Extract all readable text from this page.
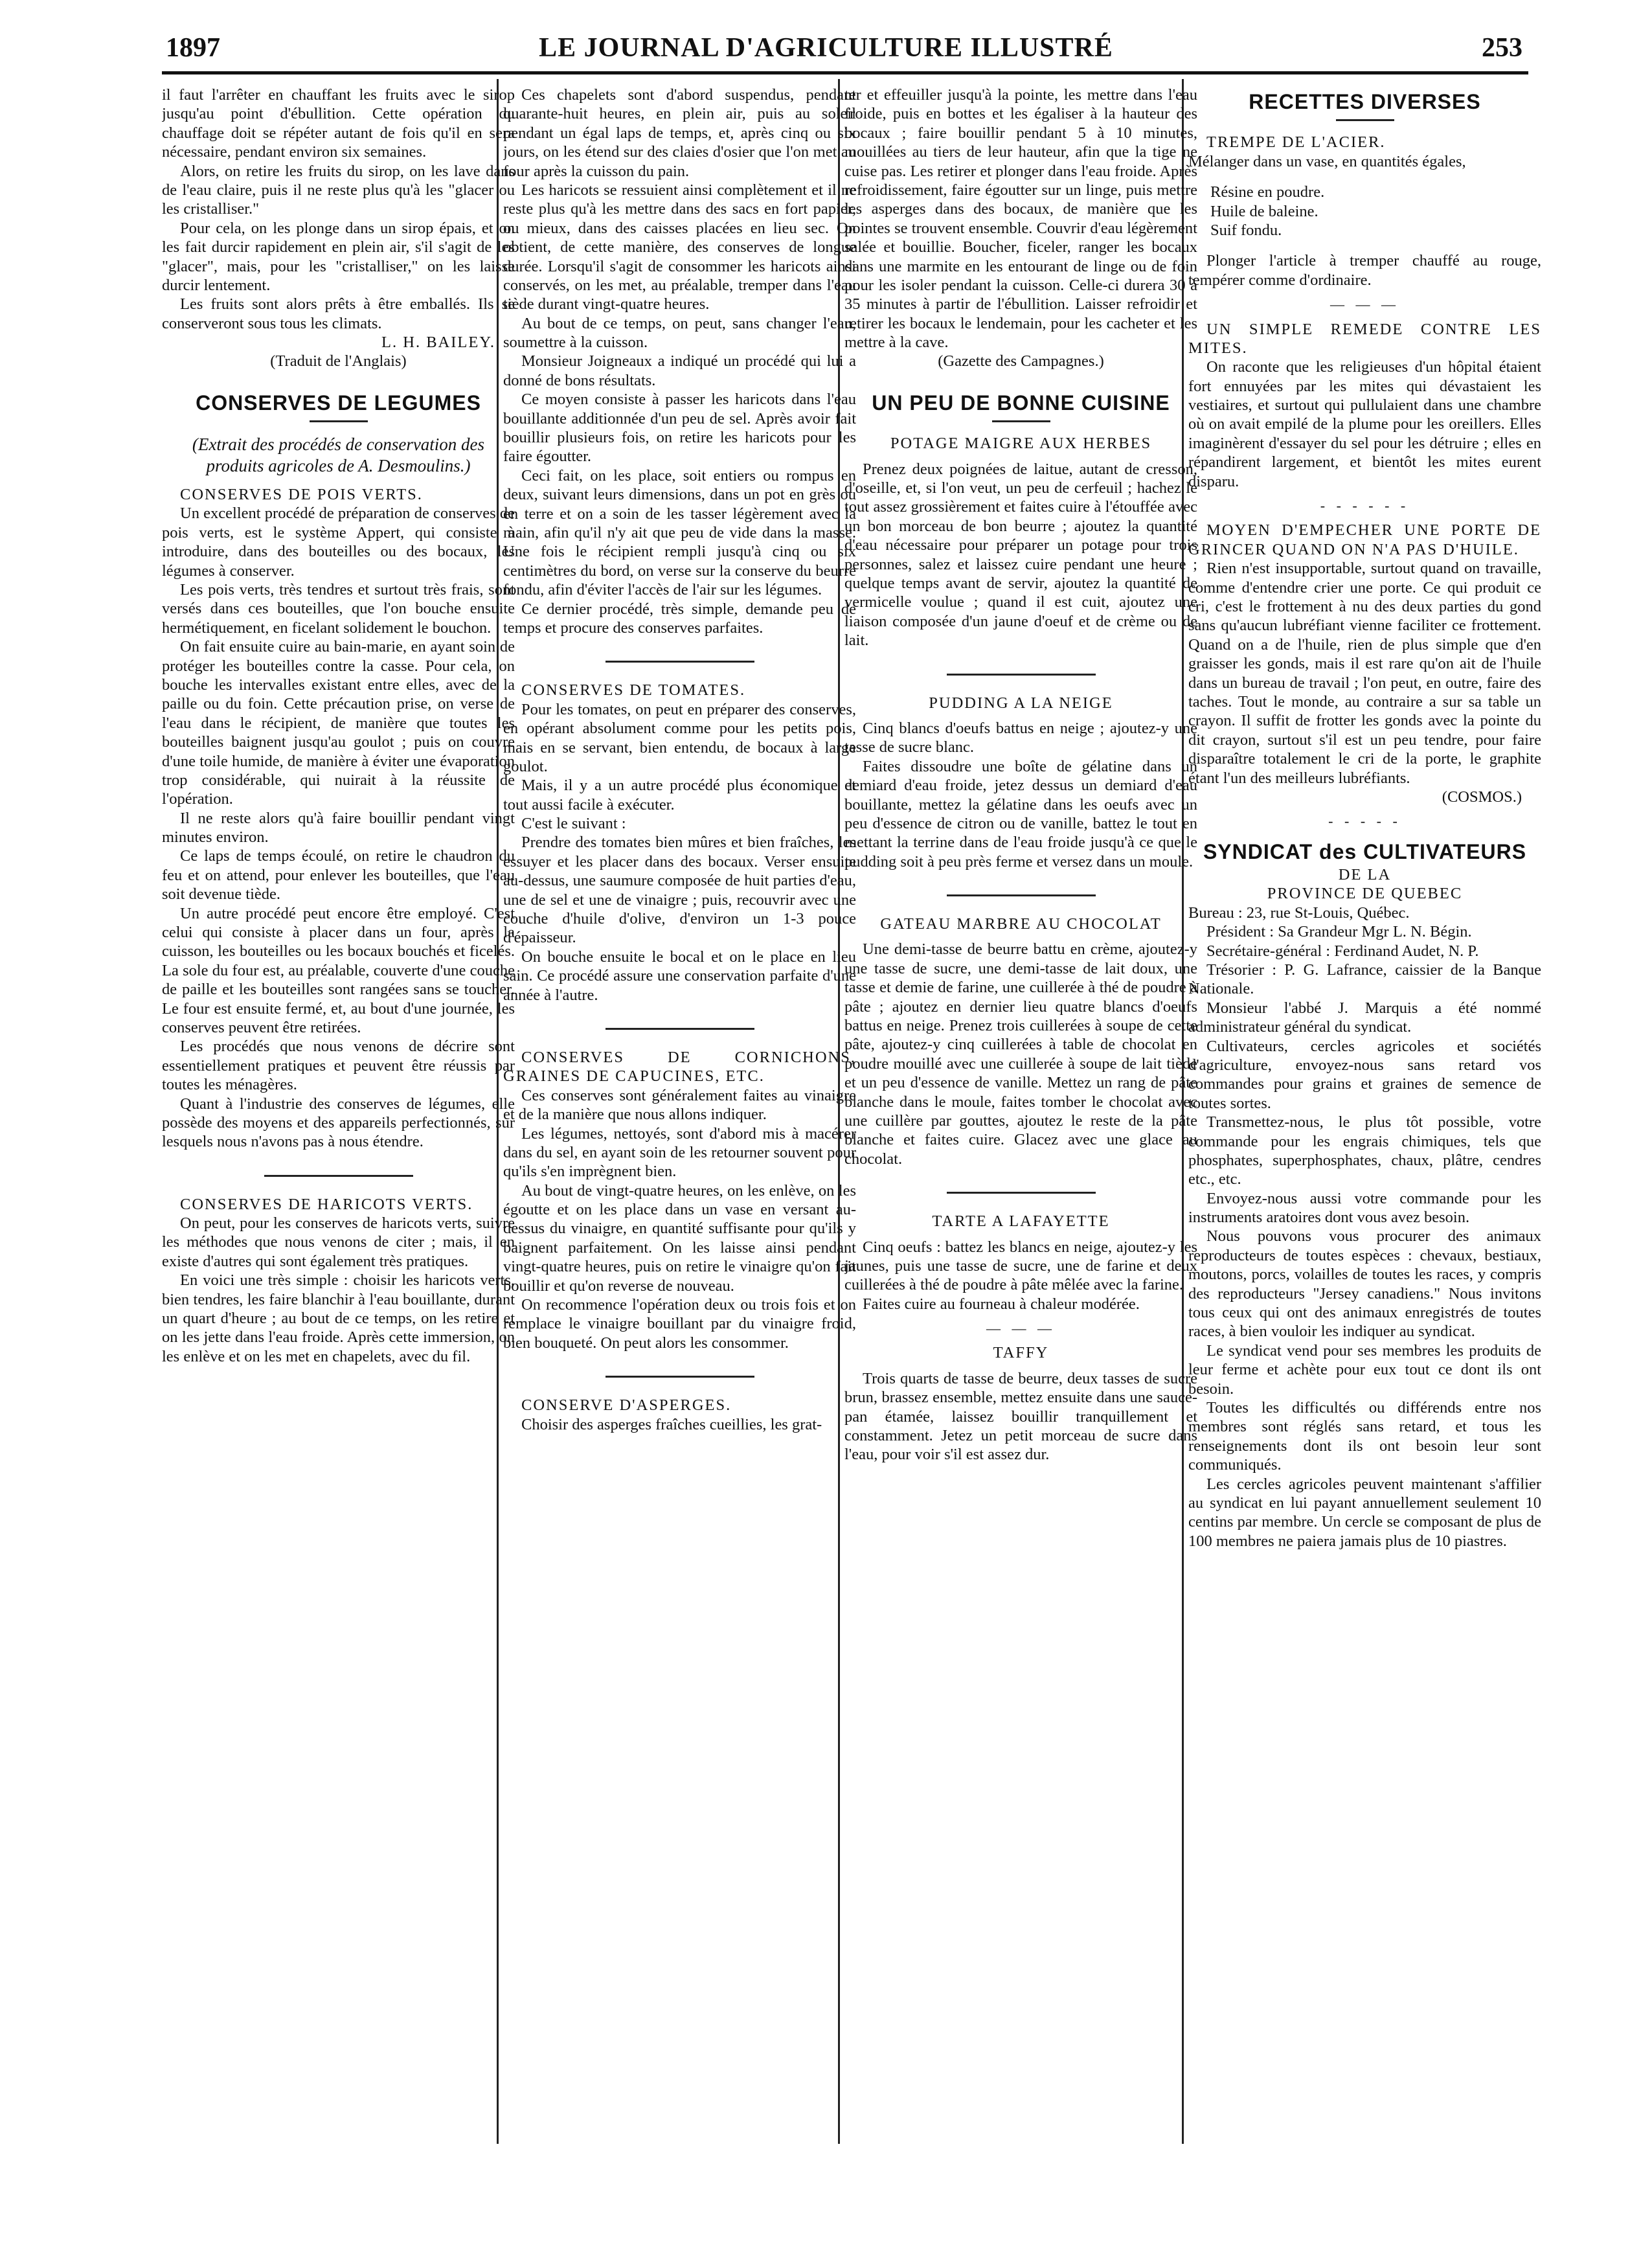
LE JOURNAL D'AGRICULTURE ILLUSTRÉ
1897	253

il faut l'arrêter en chauffant les fruits avec le sirop jusqu'au point d'ébullition. Cette opération du chauffage doit se répéter autant de fois qu'il en sera nécessaire, pendant environ six semaines.

Alors, on retire les fruits du sirop, on les lave dans de l'eau claire, puis il ne reste plus qu'à les "glacer ou les cristalliser."

Pour cela, on les plonge dans un sirop épais, et on les fait durcir rapidement en plein air, s'il s'agit de les "glacer", mais, pour les "cristalliser," on les laisse durcir lentement.

Les fruits sont alors prêts à être emballés. Ils se conserveront sous tous les climats.

L. H. BAILEY.

(Traduit de l'Anglais)

CONSERVES DE LEGUMES

(Extrait des procédés de conservation des produits agricoles de A. Desmoulins.)

CONSERVES DE POIS VERTS.

Un excellent procédé de préparation de conserves de pois verts, est le système Appert, qui consiste à introduire, dans des bouteilles ou des bocaux, les légumes à conserver.

Les pois verts, très tendres et surtout très frais, sont versés dans ces bouteilles, que l'on bouche ensuite hermétiquement, en ficelant solidement le bouchon.

On fait ensuite cuire au bain-marie, en ayant soin de protéger les bouteilles contre la casse. Pour cela, on bouche les intervalles existant entre elles, avec de la paille ou du foin. Cette précaution prise, on verse de l'eau dans le récipient, de manière que toutes les bouteilles baignent jusqu'au goulot ; puis on couvre d'une toile humide, de manière à éviter une évaporation trop considérable, qui nuirait à la réussite de l'opération.

Il ne reste alors qu'à faire bouillir pendant vingt minutes environ.

Ce laps de temps écoulé, on retire le chaudron du feu et on attend, pour enlever les bouteilles, que l'eau soit devenue tiède.

Un autre procédé peut encore être employé. C'est celui qui consiste à placer dans un four, après la cuisson, les bouteilles ou les bocaux bouchés et ficelés. La sole du four est, au préalable, couverte d'une couche de paille et les bouteilles sont rangées sans se toucher. Le four est ensuite fermé, et, au bout d'une journée, les conserves peuvent être retirées.

Les procédés que nous venons de décrire sont essentiellement pratiques et peuvent être réussis par toutes les ménagères.

Quant à l'industrie des conserves de légumes, elle possède des moyens et des appareils perfectionnés, sur lesquels nous n'avons pas à nous étendre.

CONSERVES DE HARICOTS VERTS.

On peut, pour les conserves de haricots verts, suivre les méthodes que nous venons de citer ; mais, il en existe d'autres qui sont également très pratiques.

En voici une très simple : choisir les haricots verts, bien tendres, les faire blanchir à l'eau bouillante, durant un quart d'heure ; au bout de ce temps, on les retire et on les jette dans l'eau froide. Après cette immersion, on les enlève et on les met en chapelets, avec du fil.

Ces chapelets sont d'abord suspendus, pendant quarante-huit heures, en plein air, puis au soleil pendant un égal laps de temps, et, après cinq ou six jours, on les étend sur des claies d'osier que l'on met au four après la cuisson du pain.

Les haricots se ressuient ainsi complètement et il ne reste plus qu'à les mettre dans des sacs en fort papier, ou mieux, dans des caisses placées en lieu sec. On obtient, de cette manière, des conserves de longue durée. Lorsqu'il s'agit de consommer les haricots ainsi conservés, on les met, au préalable, tremper dans l'eau tiède durant vingt-quatre heures.

Au bout de ce temps, on peut, sans changer l'eau, soumettre à la cuisson.

Monsieur Joigneaux a indiqué un procédé qui lui a donné de bons résultats.

Ce moyen consiste à passer les haricots dans l'eau bouillante additionnée d'un peu de sel. Après avoir fait bouillir plusieurs fois, on retire les haricots pour les faire égoutter.

Ceci fait, on les place, soit entiers ou rompus en deux, suivant leurs dimensions, dans un pot en grès ou en terre et on a soin de les tasser légèrement avec la main, afin qu'il n'y ait que peu de vide dans la masse. Une fois le récipient rempli jusqu'à cinq ou six centimètres du bord, on verse sur la conserve du beurre fondu, afin d'éviter l'accès de l'air sur les légumes.

Ce dernier procédé, très simple, demande peu de temps et procure des conserves parfaites.

CONSERVES DE TOMATES.

Pour les tomates, on peut en préparer des conserves, en opérant absolument comme pour les petits pois, mais en se servant, bien entendu, de bocaux à large goulot.

Mais, il y a un autre procédé plus économique et tout aussi facile à exécuter.

C'est le suivant :

Prendre des tomates bien mûres et bien fraîches, les essuyer et les placer dans des bocaux. Verser ensuite au-dessus, une saumure composée de huit parties d'eau, une de sel et une de vinaigre ; puis, recouvrir avec une couche d'huile d'olive, d'environ un 1-3 pouce d'épaisseur.

On bouche ensuite le bocal et on le place en lieu sain. Ce procédé assure une conservation parfaite d'une année à l'autre.

CONSERVES DE CORNICHONS, GRAINES DE CAPUCINES, ETC.

Ces conserves sont généralement faites au vinaigre et de la manière que nous allons indiquer.

Les légumes, nettoyés, sont d'abord mis à macérer dans du sel, en ayant soin de les retourner souvent pour qu'ils s'en imprègnent bien.

Au bout de vingt-quatre heures, on les enlève, on les égoutte et on les place dans un vase en versant au-dessus du vinaigre, en quantité suffisante pour qu'ils y baignent parfaitement. On les laisse ainsi pendant vingt-quatre heures, puis on retire le vinaigre qu'on fait bouillir et qu'on reverse de nouveau.

On recommence l'opération deux ou trois fois et on remplace le vinaigre bouillant par du vinaigre froid, bien bouqueté. On peut alors les consommer.

CONSERVE D'ASPERGES.

Choisir des asperges fraîches cueillies, les grat-

ter et effeuiller jusqu'à la pointe, les mettre dans l'eau froide, puis en bottes et les égaliser à la hauteur des bocaux ; faire bouillir pendant 5 à 10 minutes, mouillées au tiers de leur hauteur, afin que la tige ne cuise pas. Les retirer et plonger dans l'eau froide. Après refroidissement, faire égoutter sur un linge, puis mettre les asperges dans des bocaux, de manière que les pointes se trouvent ensemble. Couvrir d'eau légèrement salée et bouillie. Boucher, ficeler, ranger les bocaux dans une marmite en les entourant de linge ou de foin pour les isoler pendant la cuisson. Celle-ci durera 30 à 35 minutes à partir de l'ébullition. Laisser refroidir et retirer les bocaux le lendemain, pour les cacheter et les mettre à la cave.

(Gazette des Campagnes.)

UN PEU DE BONNE CUISINE

POTAGE MAIGRE AUX HERBES

Prenez deux poignées de laitue, autant de cresson, d'oseille, et, si l'on veut, un peu de cerfeuil ; hachez le tout assez grossièrement et faites cuire à l'étouffée avec un bon morceau de bon beurre ; ajoutez la quantité d'eau nécessaire pour préparer un potage pour trois personnes, salez et laissez cuire pendant une heure ; quelque temps avant de servir, ajoutez la quantité de vermicelle voulue ; quand il est cuit, ajoutez une liaison composée d'un jaune d'oeuf et de crème ou de lait.

PUDDING A LA NEIGE

Cinq blancs d'oeufs battus en neige ; ajoutez-y une tasse de sucre blanc.

Faites dissoudre une boîte de gélatine dans un demiard d'eau froide, jetez dessus un demiard d'eau bouillante, mettez la gélatine dans les oeufs avec un peu d'essence de citron ou de vanille, battez le tout en mettant la terrine dans de l'eau froide jusqu'à ce que le pudding soit à peu près ferme et versez dans un moule.

GATEAU MARBRE AU CHOCOLAT

Une demi-tasse de beurre battu en crème, ajoutez-y une tasse de sucre, une demi-tasse de lait doux, une tasse et demie de farine, une cuillerée à thé de poudre à pâte ; ajoutez en dernier lieu quatre blancs d'oeufs battus en neige. Prenez trois cuillerées à soupe de cette pâte, ajoutez-y cinq cuillerées à table de chocolat en poudre mouillé avec une cuillerée à soupe de lait tiède et un peu d'essence de vanille. Mettez un rang de pâte blanche dans le moule, faites tomber le chocolat avec une cuillère par gouttes, ajoutez le reste de la pâte blanche et faites cuire. Glacez avec une glace au chocolat.

TARTE A LAFAYETTE

Cinq oeufs : battez les blancs en neige, ajoutez-y les jaunes, puis une tasse de sucre, une de farine et deux cuillerées à thé de poudre à pâte mêlée avec la farine.

Faites cuire au fourneau à chaleur modérée.

— — —

TAFFY

Trois quarts de tasse de beurre, deux tasses de sucre brun, brassez ensemble, mettez ensuite dans une sauce-pan étamée, laissez bouillir tranquillement et constamment. Jetez un petit morceau de sucre dans l'eau, pour voir s'il est assez dur.

RECETTES DIVERSES

TREMPE DE L'ACIER.

Mélanger dans un vase, en quantités égales,

Résine en poudre.

Huile de baleine.

Suif fondu.

Plonger l'article à tremper chauffé au rouge, tempérer comme d'ordinaire.

— — —

UN SIMPLE REMEDE CONTRE LES MITES.

On raconte que les religieuses d'un hôpital étaient fort ennuyées par les mites qui dévastaient les vestiaires, et surtout qui pullulaient dans une chambre où on avait empilé de la plume pour les oreillers. Elles imaginèrent d'essayer du sel pour les détruire ; elles en répandirent largement, et bientôt les mites eurent disparu.

- - - - - -

MOYEN D'EMPECHER UNE PORTE DE GRINCER QUAND ON N'A PAS D'HUILE.

Rien n'est insupportable, surtout quand on travaille, comme d'entendre crier une porte. Ce qui produit ce cri, c'est le frottement à nu des deux parties du gond sans qu'aucun lubréfiant vienne faciliter ce frottement. Quand on a de l'huile, rien de plus simple que d'en graisser les gonds, mais il est rare qu'on ait de l'huile dans un bureau de travail ; l'on peut, en outre, faire des taches. Tout le monde, au contraire a sur sa table un crayon. Il suffit de frotter les gonds avec la pointe du dit crayon, surtout s'il est un peu tendre, pour faire disparaître totalement le cri de la porte, le graphite étant l'un des meilleurs lubréfiants.

(COSMOS.)

- - - - -
SYNDICAT des CULTIVATEURS

DE LA

PROVINCE DE QUEBEC

Bureau : 23, rue St-Louis, Québec.

Président : Sa Grandeur Mgr L. N. Bégin.

Secrétaire-général : Ferdinand Audet, N. P.

Trésorier : P. G. Lafrance, caissier de la Banque Nationale.

Monsieur l'abbé J. Marquis a été nommé administrateur général du syndicat.

Cultivateurs, cercles agricoles et sociétés d'agriculture, envoyez-nous sans retard vos commandes pour grains et graines de semence de toutes sortes.

Transmettez-nous, le plus tôt possible, votre commande pour les engrais chimiques, tels que phosphates, superphosphates, chaux, plâtre, cendres etc., etc.

Envoyez-nous aussi votre commande pour les instruments aratoires dont vous avez besoin.

Nous pouvons vous procurer des animaux reproducteurs de toutes espèces : chevaux, bestiaux, moutons, porcs, volailles de toutes les races, y compris des reproducteurs "Jersey canadiens." Nous invitons tous ceux qui ont des animaux enregistrés de toutes races, à bien vouloir les indiquer au syndicat.

Le syndicat vend pour ses membres les produits de leur ferme et achète pour eux tout ce dont ils ont besoin.

Toutes les difficultés ou différends entre nos membres sont réglés sans retard, et tous les renseignements dont ils ont besoin leur sont communiqués.

Les cercles agricoles peuvent maintenant s'affilier au syndicat en lui payant annuellement seulement 10 centins par membre. Un cercle se composant de plus de 100 membres ne paiera jamais plus de 10 piastres.
